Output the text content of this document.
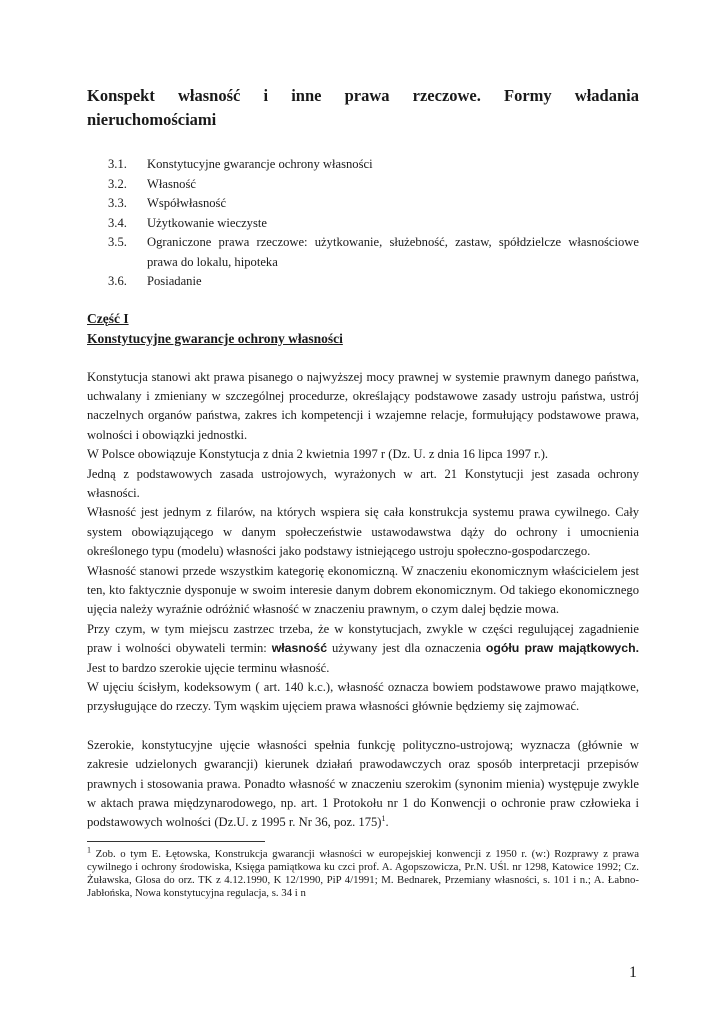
Konspekt własność i inne prawa rzeczowe. Formy władania nieruchomościami
3.1.	Konstytucyjne gwarancje ochrony własności
3.2.	Własność
3.3.	Współwłasność
3.4.	Użytkowanie wieczyste
3.5.	Ograniczone prawa rzeczowe: użytkowanie, służebność, zastaw, spółdzielcze własnościowe prawa do lokalu, hipoteka
3.6.	Posiadanie
Część I
Konstytucyjne gwarancje ochrony własności

Konstytucja stanowi akt prawa pisanego o najwyższej mocy prawnej w systemie prawnym danego państwa, uchwalany i zmieniany w szczególnej procedurze, określający podstawowe zasady ustroju państwa, ustrój naczelnych organów państwa, zakres ich kompetencji i wzajemne relacje, formułujący podstawowe prawa, wolności i obowiązki jednostki.

W Polsce obowiązuje Konstytucja z dnia 2 kwietnia 1997 r (Dz. U. z dnia 16 lipca 1997 r.).

Jedną z podstawowych zasada ustrojowych, wyrażonych w art. 21 Konstytucji jest zasada ochrony własności.

Własność jest jednym z filarów, na których wspiera się cała konstrukcja systemu prawa cywilnego. Cały system obowiązującego w danym społeczeństwie ustawodawstwa dąży do ochrony i umocnienia określonego typu (modelu) własności jako podstawy istniejącego ustroju społeczno-gospodarczego.

Własność stanowi przede wszystkim kategorię ekonomiczną. W znaczeniu ekonomicznym właścicielem jest ten, kto faktycznie dysponuje w swoim interesie danym dobrem ekonomicznym. Od takiego ekonomicznego ujęcia należy wyraźnie odróżnić własność w znaczeniu prawnym, o czym dalej będzie mowa.

Przy czym, w tym miejscu zastrzec trzeba, że w konstytucjach, zwykle w części regulującej zagadnienie praw i wolności obywateli termin: własność używany jest dla oznaczenia ogółu praw majątkowych. Jest to bardzo szerokie ujęcie terminu własność.

W ujęciu ścisłym, kodeksowym ( art. 140 k.c.), własność oznacza bowiem podstawowe prawo majątkowe, przysługujące do rzeczy. Tym wąskim ujęciem prawa własności głównie będziemy się zajmować.

Szerokie, konstytucyjne ujęcie własności spełnia funkcję polityczno-ustrojową; wyznacza (głównie w zakresie udzielonych gwarancji) kierunek działań prawodawczych oraz sposób interpretacji przepisów prawnych i stosowania prawa. Ponadto własność w znaczeniu szerokim (synonim mienia) występuje zwykle w aktach prawa międzynarodowego, np. art. 1 Protokołu nr 1 do Konwencji o ochronie praw człowieka i podstawowych wolności (Dz.U. z 1995 r. Nr 36, poz. 175)$^1$.

$^1$ Zob. o tym E. Łętowska, Konstrukcja gwarancji własności w europejskiej konwencji z 1950 r. (w:) Rozprawy z prawa cywilnego i ochrony środowiska, Księga pamiątkowa ku czci prof. A. Agopszowicza, Pr.N. UŚl. nr 1298, Katowice 1992; Cz. Żuławska, Glosa do orz. TK z 4.12.1990, K 12/1990, PiP 4/1991; M. Bednarek, Przemiany własności, s. 101 i n.; A. Łabno-Jabłońska, Nowa konstytucyjna regulacja, s. 34 i n
1
